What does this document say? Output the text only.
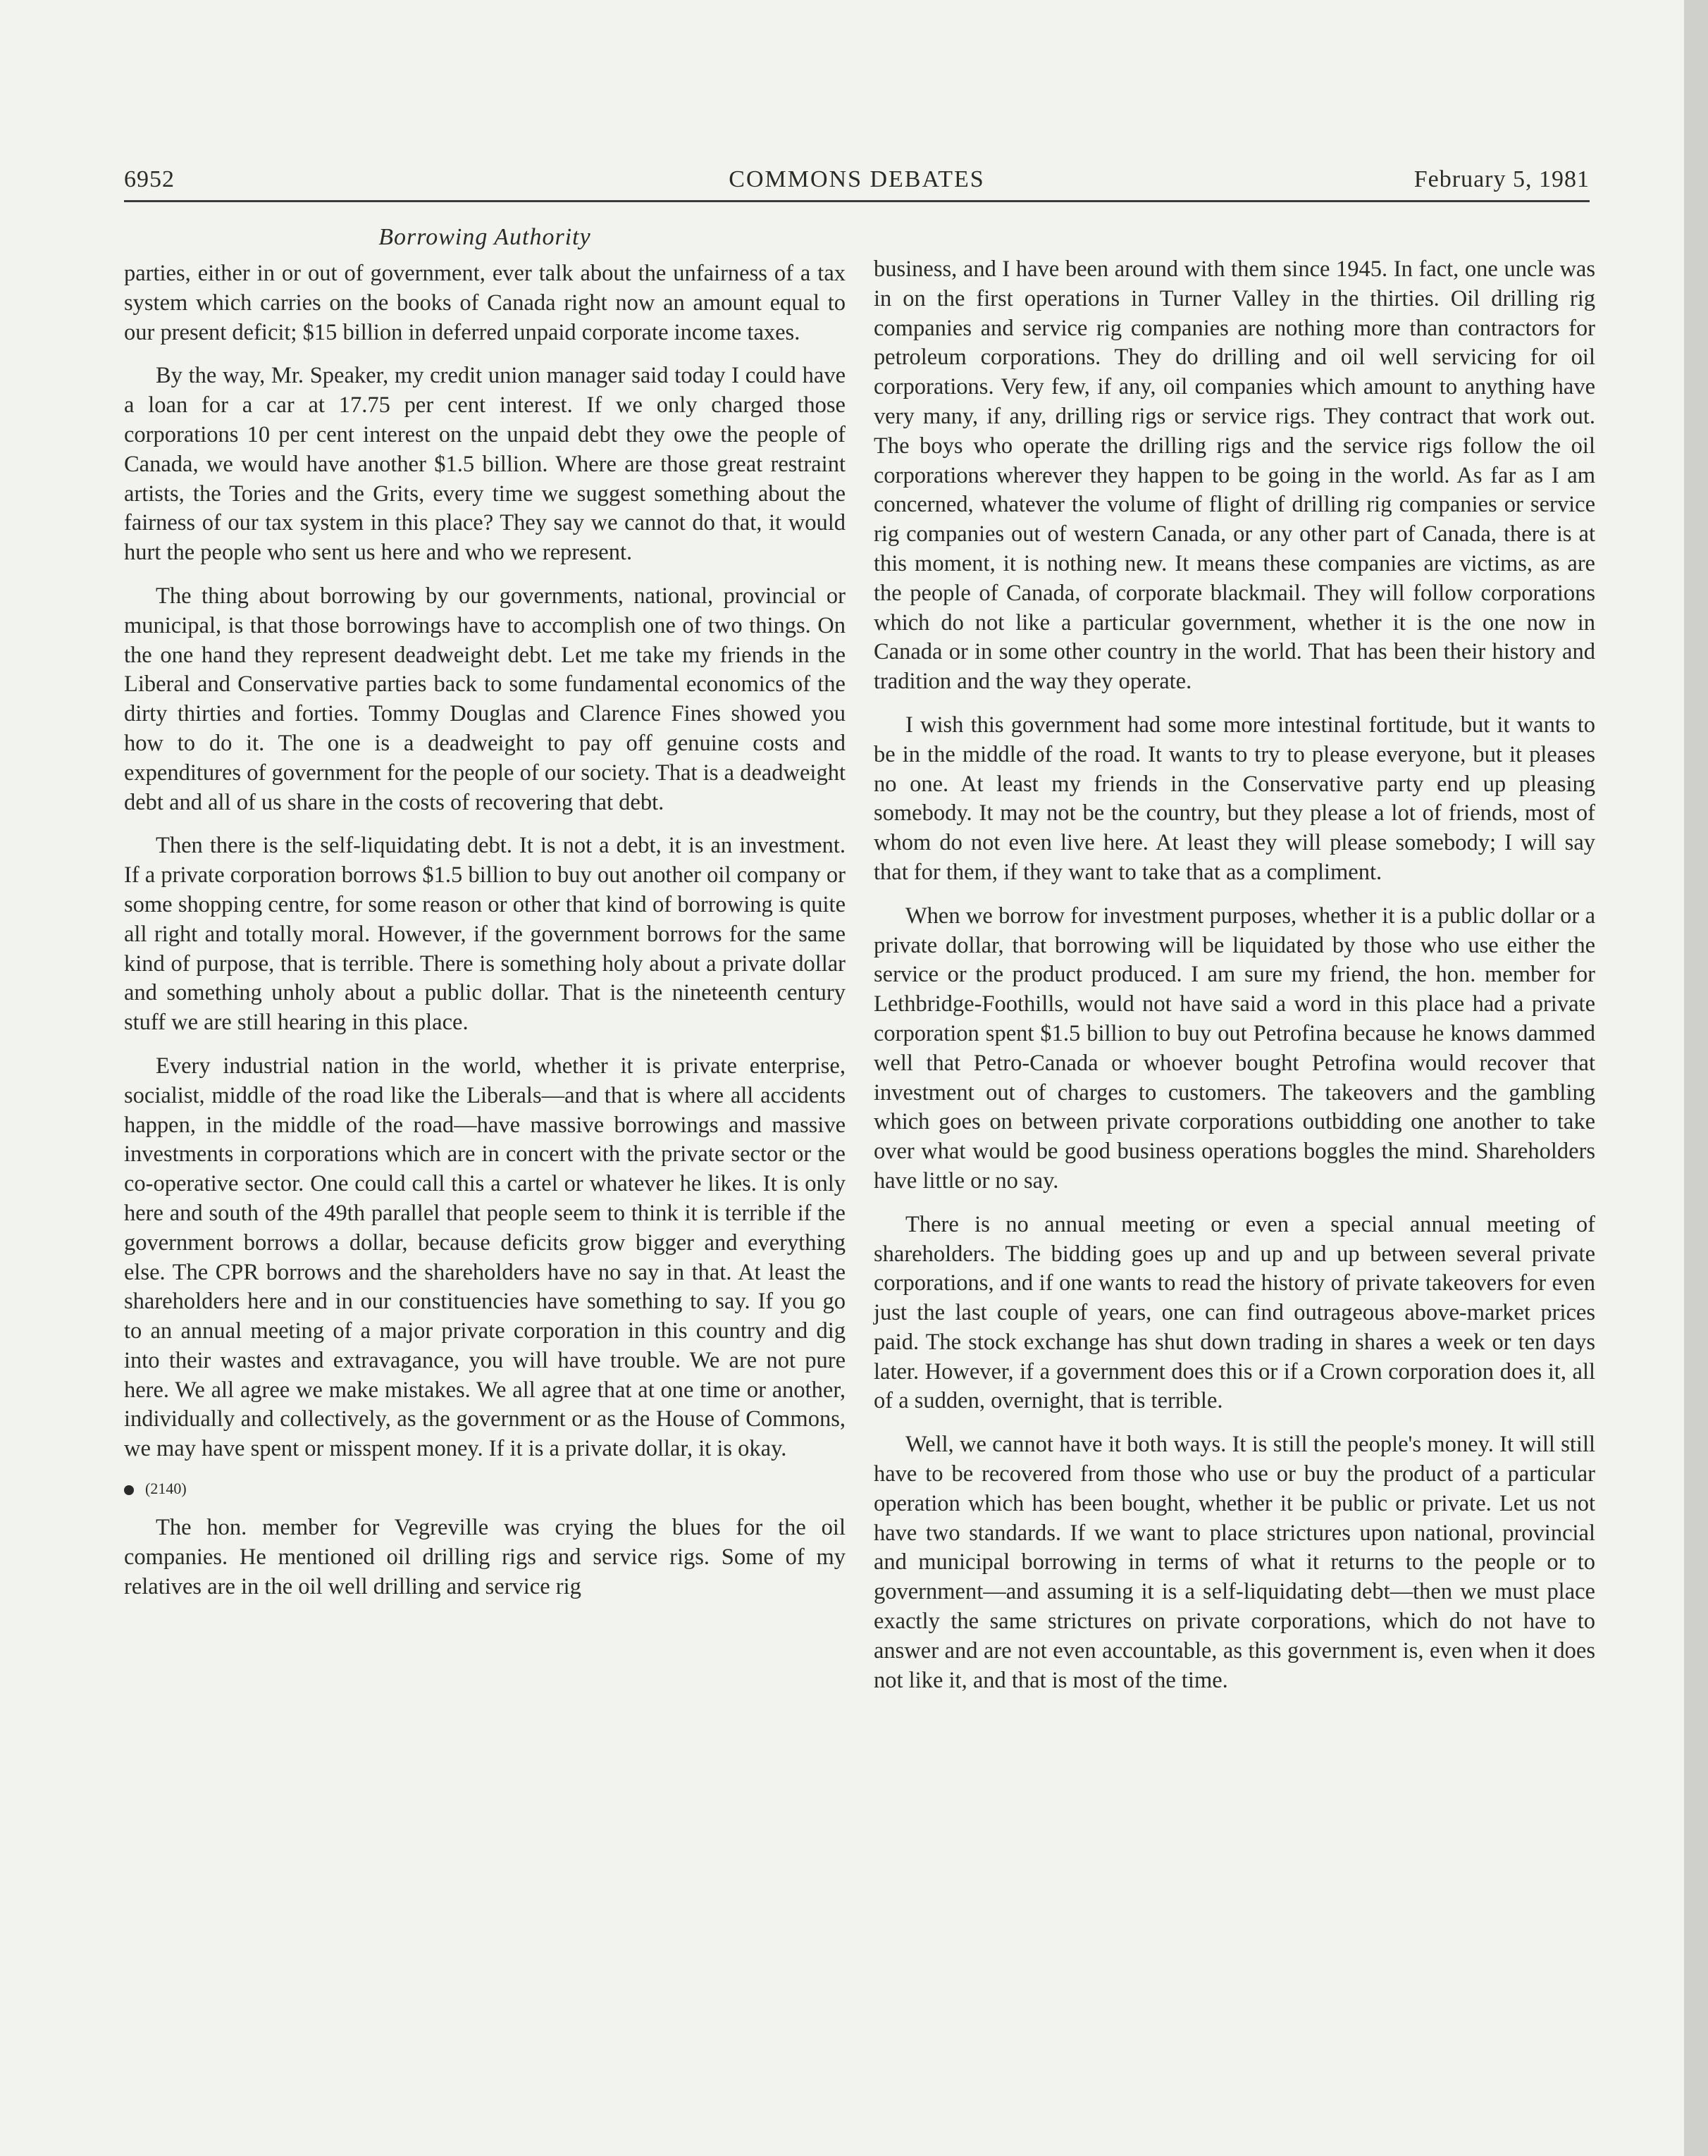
6952	COMMONS DEBATES	February 5, 1981
Borrowing Authority

parties, either in or out of government, ever talk about the unfairness of a tax system which carries on the books of Canada right now an amount equal to our present deficit; $15 billion in deferred unpaid corporate income taxes.

By the way, Mr. Speaker, my credit union manager said today I could have a loan for a car at 17.75 per cent interest. If we only charged those corporations 10 per cent interest on the unpaid debt they owe the people of Canada, we would have another $1.5 billion. Where are those great restraint artists, the Tories and the Grits, every time we suggest something about the fairness of our tax system in this place? They say we cannot do that, it would hurt the people who sent us here and who we represent.

The thing about borrowing by our governments, national, provincial or municipal, is that those borrowings have to accomplish one of two things. On the one hand they represent deadweight debt. Let me take my friends in the Liberal and Conservative parties back to some fundamental economics of the dirty thirties and forties. Tommy Douglas and Clarence Fines showed you how to do it. The one is a deadweight to pay off genuine costs and expenditures of government for the people of our society. That is a deadweight debt and all of us share in the costs of recovering that debt.

Then there is the self-liquidating debt. It is not a debt, it is an investment. If a private corporation borrows $1.5 billion to buy out another oil company or some shopping centre, for some reason or other that kind of borrowing is quite all right and totally moral. However, if the government borrows for the same kind of purpose, that is terrible. There is something holy about a private dollar and something unholy about a public dollar. That is the nineteenth century stuff we are still hearing in this place.

Every industrial nation in the world, whether it is private enterprise, socialist, middle of the road like the Liberals—and that is where all accidents happen, in the middle of the road—have massive borrowings and massive investments in corporations which are in concert with the private sector or the co-operative sector. One could call this a cartel or whatever he likes. It is only here and south of the 49th parallel that people seem to think it is terrible if the government borrows a dollar, because deficits grow bigger and everything else. The CPR borrows and the shareholders have no say in that. At least the shareholders here and in our constituencies have something to say. If you go to an annual meeting of a major private corporation in this country and dig into their wastes and extravagance, you will have trouble. We are not pure here. We all agree we make mistakes. We all agree that at one time or another, individually and collectively, as the government or as the House of Commons, we may have spent or misspent money. If it is a private dollar, it is okay.

(2140)

The hon. member for Vegreville was crying the blues for the oil companies. He mentioned oil drilling rigs and service rigs. Some of my relatives are in the oil well drilling and service rig

business, and I have been around with them since 1945. In fact, one uncle was in on the first operations in Turner Valley in the thirties. Oil drilling rig companies and service rig companies are nothing more than contractors for petroleum corporations. They do drilling and oil well servicing for oil corporations. Very few, if any, oil companies which amount to anything have very many, if any, drilling rigs or service rigs. They contract that work out. The boys who operate the drilling rigs and the service rigs follow the oil corporations wherever they happen to be going in the world. As far as I am concerned, whatever the volume of flight of drilling rig companies or service rig companies out of western Canada, or any other part of Canada, there is at this moment, it is nothing new. It means these companies are victims, as are the people of Canada, of corporate blackmail. They will follow corporations which do not like a particular government, whether it is the one now in Canada or in some other country in the world. That has been their history and tradition and the way they operate.

I wish this government had some more intestinal fortitude, but it wants to be in the middle of the road. It wants to try to please everyone, but it pleases no one. At least my friends in the Conservative party end up pleasing somebody. It may not be the country, but they please a lot of friends, most of whom do not even live here. At least they will please somebody; I will say that for them, if they want to take that as a compliment.

When we borrow for investment purposes, whether it is a public dollar or a private dollar, that borrowing will be liquidated by those who use either the service or the product produced. I am sure my friend, the hon. member for Lethbridge-Foothills, would not have said a word in this place had a private corporation spent $1.5 billion to buy out Petrofina because he knows dammed well that Petro-Canada or whoever bought Petrofina would recover that investment out of charges to customers. The takeovers and the gambling which goes on between private corporations outbidding one another to take over what would be good business operations boggles the mind. Shareholders have little or no say.

There is no annual meeting or even a special annual meeting of shareholders. The bidding goes up and up and up between several private corporations, and if one wants to read the history of private takeovers for even just the last couple of years, one can find outrageous above-market prices paid. The stock exchange has shut down trading in shares a week or ten days later. However, if a government does this or if a Crown corporation does it, all of a sudden, overnight, that is terrible.

Well, we cannot have it both ways. It is still the people's money. It will still have to be recovered from those who use or buy the product of a particular operation which has been bought, whether it be public or private. Let us not have two standards. If we want to place strictures upon national, provincial and municipal borrowing in terms of what it returns to the people or to government—and assuming it is a self-liquidating debt—then we must place exactly the same strictures on private corporations, which do not have to answer and are not even accountable, as this government is, even when it does not like it, and that is most of the time.
